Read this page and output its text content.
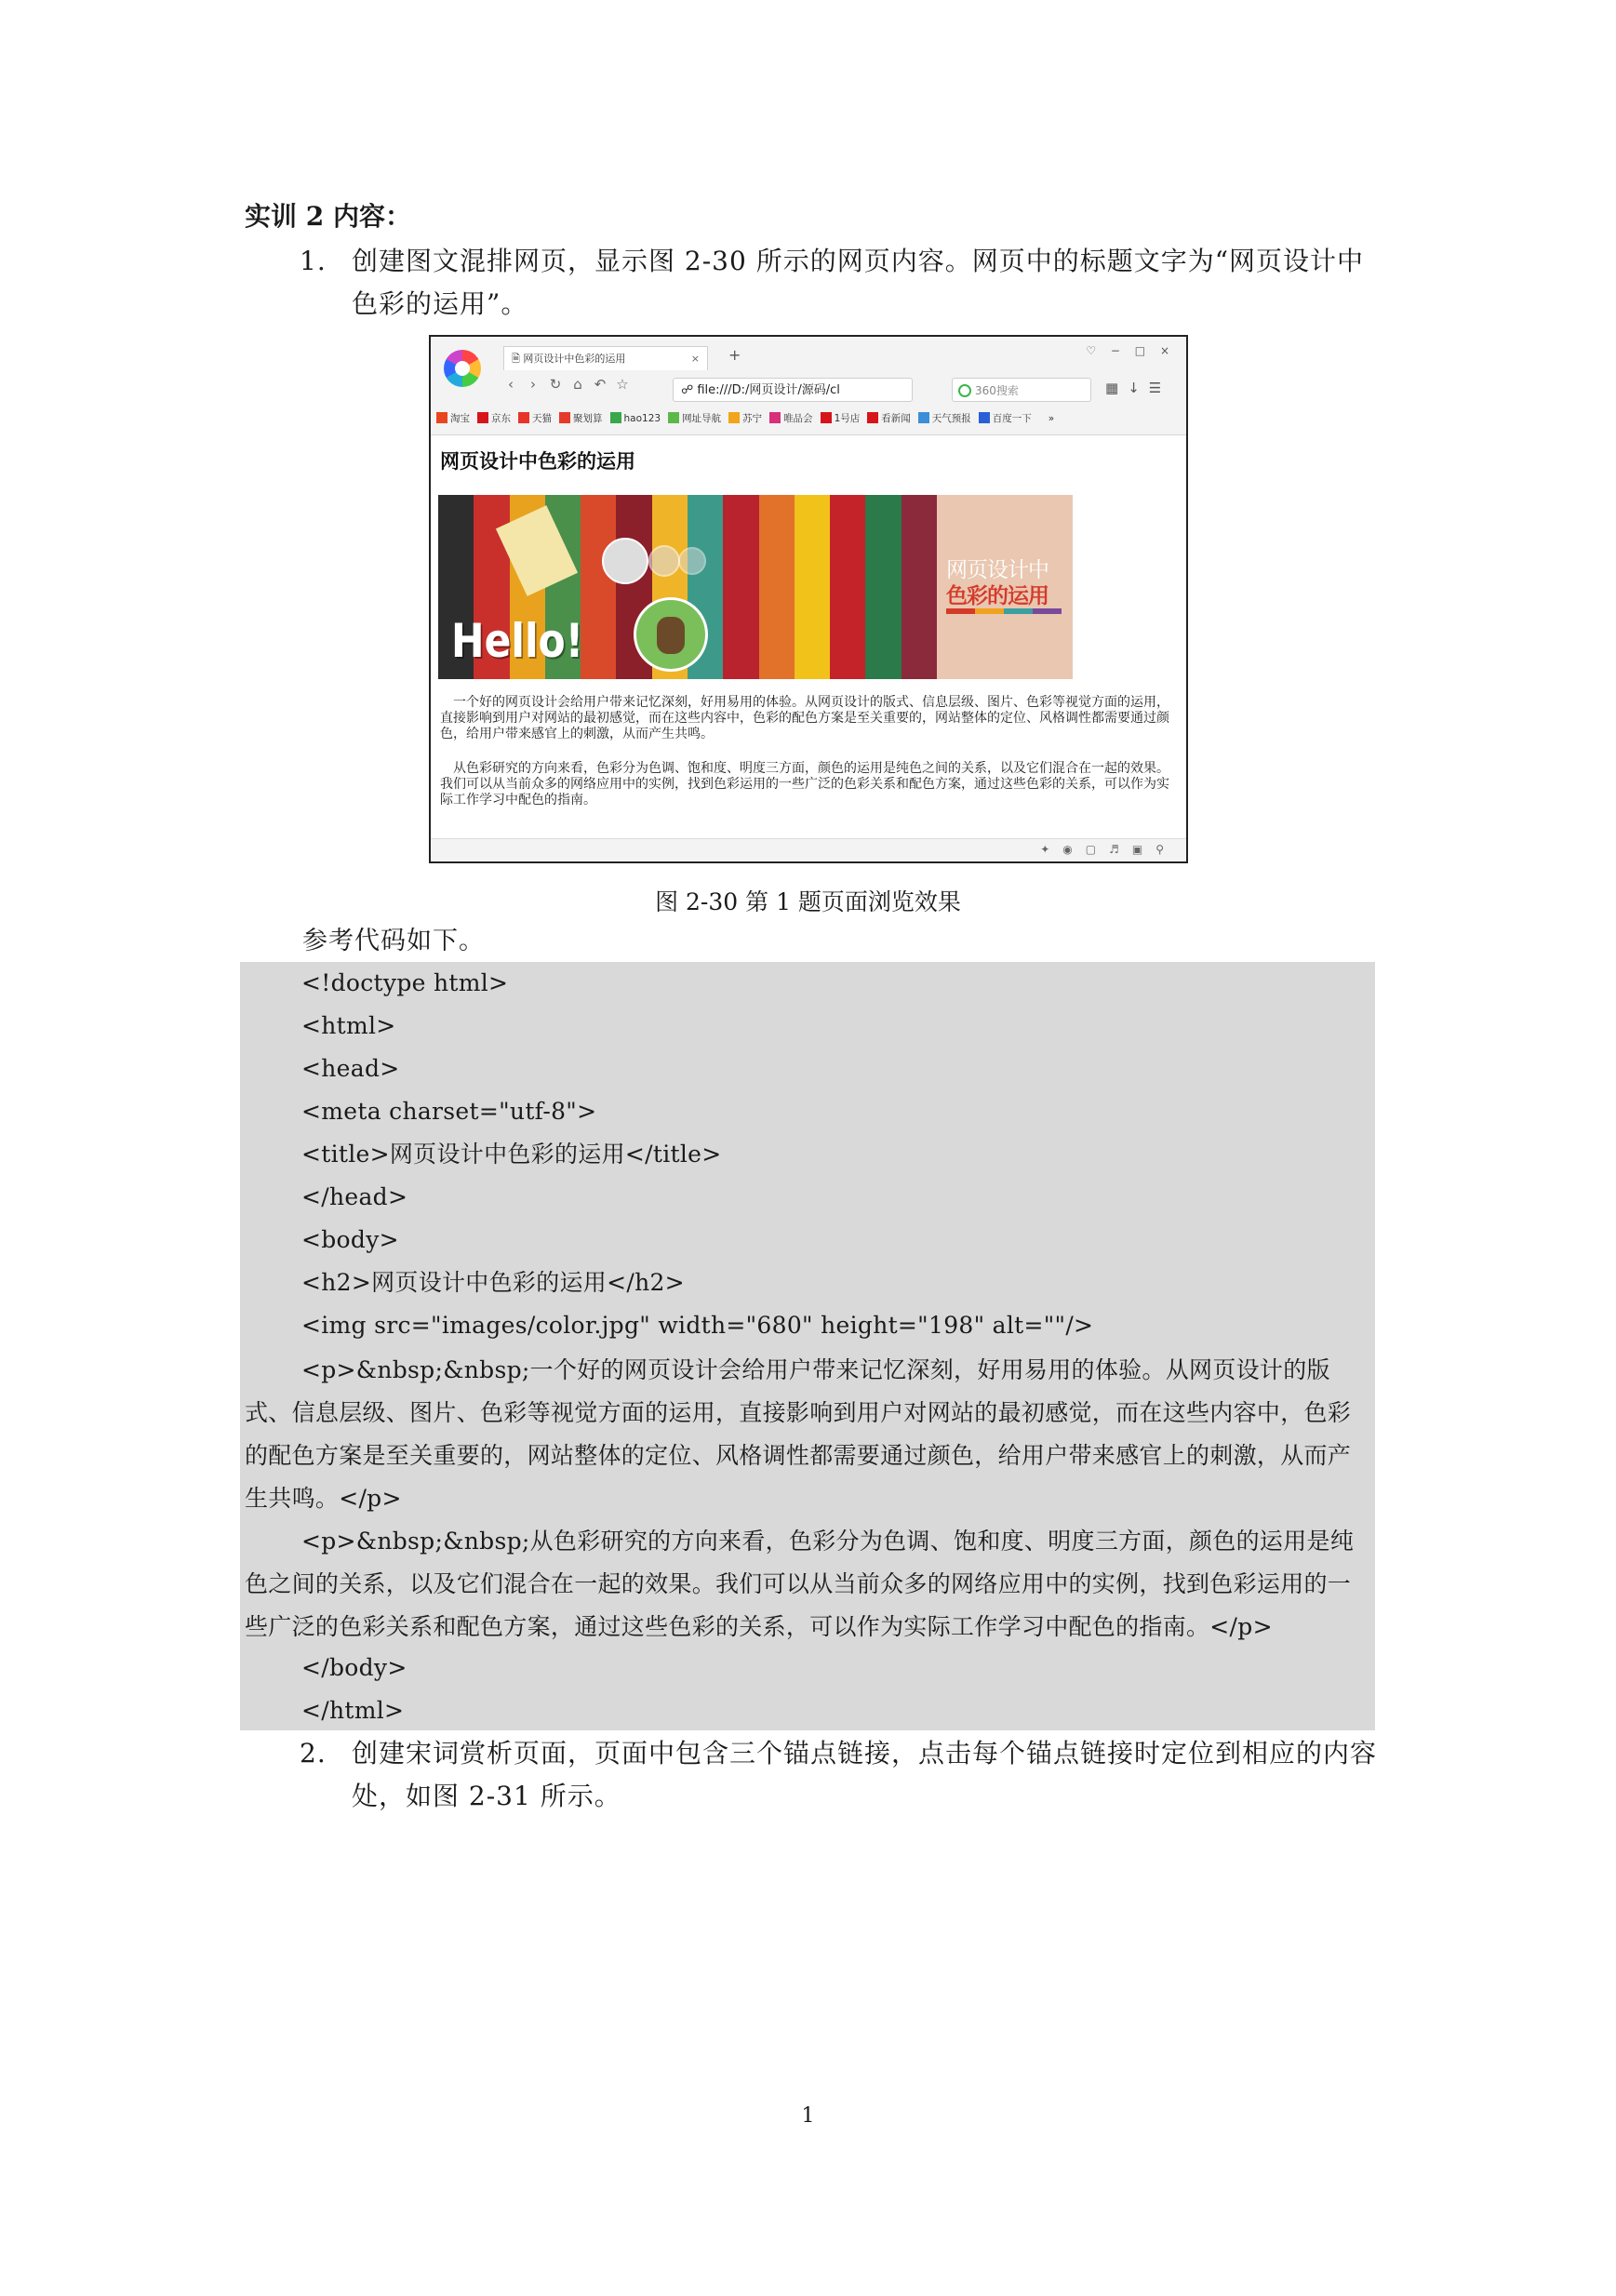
实训 2 内容：
1. 创建图文混排网页，显示图 2-30 所示的网页内容。网页中的标题文字为“网页设计中
色彩的运用”。
🗎 网页设计中色彩的运用	× +	♡ − □ ×
‹ › ↻ ⌂ ↶ ☆	☍ file:///D:/网页设计/源码/cl	360搜索	▦↓☰
淘宝 京东 天猫 聚划算 hao123 网址导航 苏宁 唯品会 1号店 看新闻 天气预报 百度一下 »
网页设计中色彩的运用
Hello!
网页设计中
色彩的运用
一个好的网页设计会给用户带来记忆深刻，好用易用的体验。从网页设计的版式、信息层级、图片、色彩等视觉方面的运用，直接影响到用户对网站的最初感觉，而在这些内容中，色彩的配色方案是至关重要的，网站整体的定位、风格调性都需要通过颜色，给用户带来感官上的刺激，从而产生共鸣。
从色彩研究的方向来看，色彩分为色调、饱和度、明度三方面，颜色的运用是纯色之间的关系，以及它们混合在一起的效果。我们可以从当前众多的网络应用中的实例，找到色彩运用的一些广泛的色彩关系和配色方案，通过这些色彩的关系，可以作为实际工作学习中配色的指南。
✦◉▢♬▣⚲
图 2-30 第 1 题页面浏览效果
参考代码如下。
<!doctype html>
<html>
<head>
<meta charset="utf-8">
<title>网页设计中色彩的运用</title>
</head>
<body>
<h2>网页设计中色彩的运用</h2>
<img src="images/color.jpg" width="680" height="198" alt=""/>
<p>&nbsp;&nbsp;一个好的网页设计会给用户带来记忆深刻，好用易用的体验。从网页设计的版式、信息层级、图片、色彩等视觉方面的运用，直接影响到用户对网站的最初感觉，而在这些内容中，色彩的配色方案是至关重要的，网站整体的定位、风格调性都需要通过颜色，给用户带来感官上的刺激，从而产生共鸣。</p>
<p>&nbsp;&nbsp;从色彩研究的方向来看，色彩分为色调、饱和度、明度三方面，颜色的运用是纯色之间的关系，以及它们混合在一起的效果。我们可以从当前众多的网络应用中的实例，找到色彩运用的一些广泛的色彩关系和配色方案，通过这些色彩的关系，可以作为实际工作学习中配色的指南。</p>
</body>
</html>
2. 创建宋词赏析页面，页面中包含三个锚点链接，点击每个锚点链接时定位到相应的内容
处，如图 2-31 所示。
1
